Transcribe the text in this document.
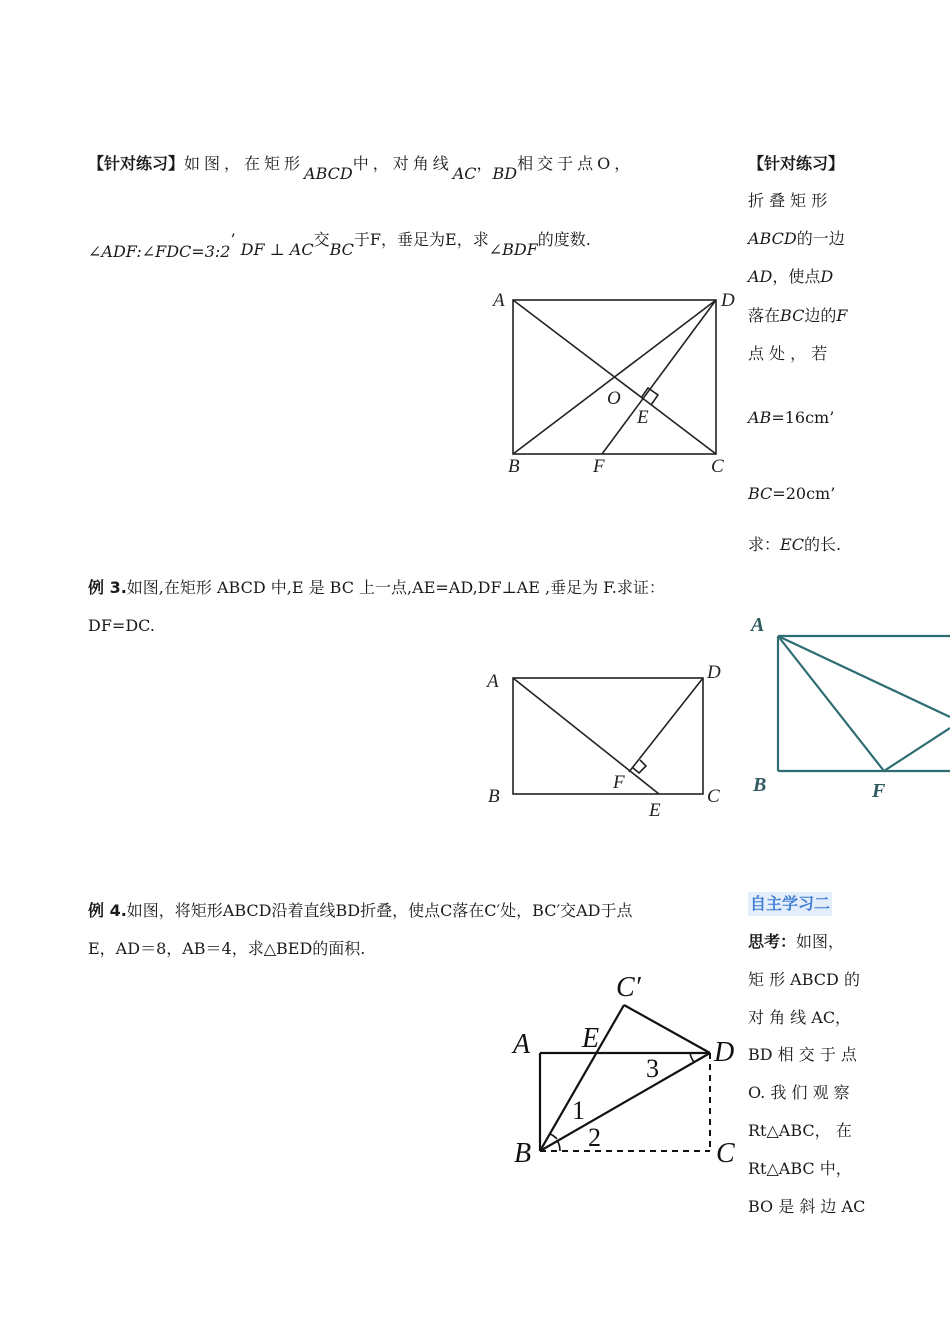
【针对练习】如图，在矩形ABCD中，对角线AC，BD相交于点O，
∠ADF:∠FDC=3:2’ DF ⊥ AC交BC于F，垂足为E，求∠BDF的度数.
A	D
B	C
F
O
E
A	D
B	C
F
E
A E
C′
D
B	C
1
2
3
A
B	F
例 3.如图,在矩形 ABCD 中,E 是 BC 上一点,AE=AD,DF⊥AE ,垂足为 F.求证：
DF=DC.
例 4.如图，将矩形ABCD沿着直线BD折叠，使点C落在C′处，BC′交AD于点
E，AD＝8，AB＝4，求△BED的面积.
【针对练习】
折 叠 矩 形
ABCD的一边
AD，使点D
落在BC边的F
点 处 ， 若
AB=16cm’
BC=20cm’
求：EC的长.
自主学习二
思考：如图，
矩 形 ABCD 的
对 角 线 AC，
BD 相 交 于 点
O. 我 们 观 察
Rt△ABC， 在
Rt△ABC 中，
BO 是 斜 边 AC
